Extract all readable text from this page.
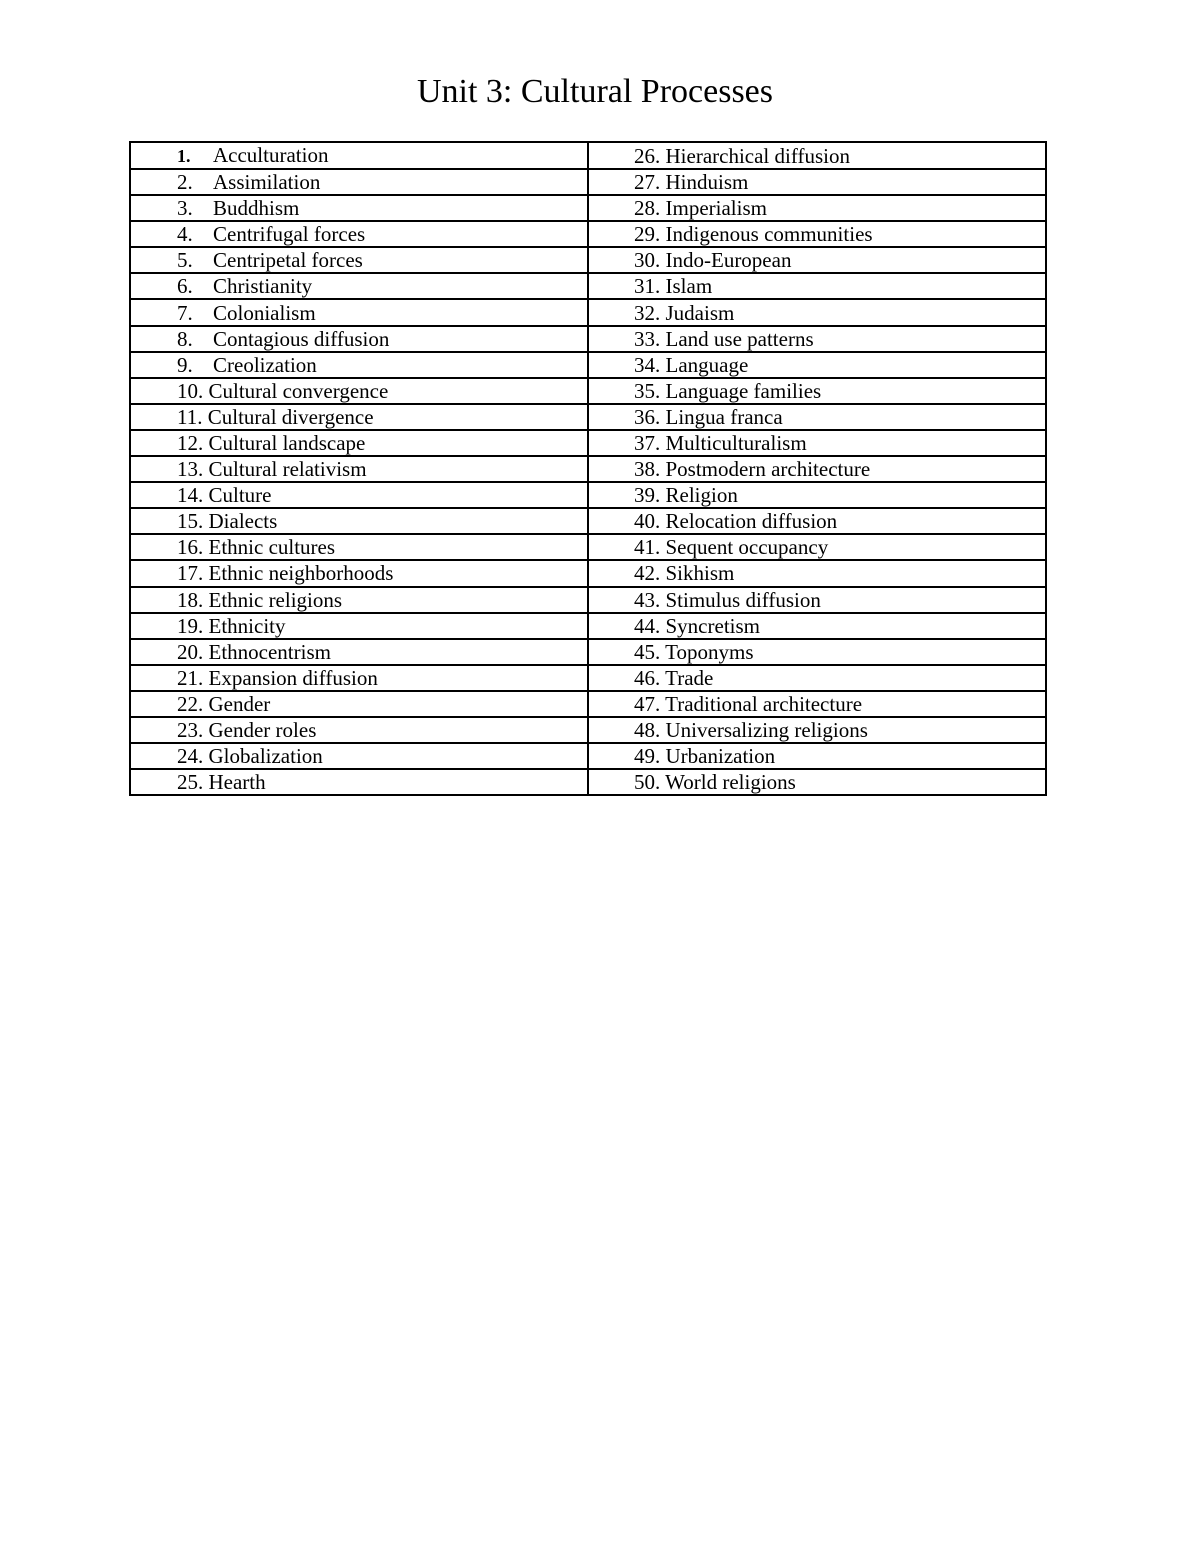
Unit 3: Cultural Processes
1. Acculturation	26. Hierarchical diffusion
2. Assimilation	27. Hinduism
3. Buddhism	28. Imperialism
4. Centrifugal forces	29. Indigenous communities
5. Centripetal forces	30. Indo-European
6. Christianity	31. Islam
7. Colonialism	32. Judaism
8. Contagious diffusion	33. Land use patterns
9. Creolization	34. Language
10. Cultural convergence	35. Language families
11. Cultural divergence	36. Lingua franca
12. Cultural landscape	37. Multiculturalism
13. Cultural relativism	38. Postmodern architecture
14. Culture	39. Religion
15. Dialects	40. Relocation diffusion
16. Ethnic cultures	41. Sequent occupancy
17. Ethnic neighborhoods	42. Sikhism
18. Ethnic religions	43. Stimulus diffusion
19. Ethnicity	44. Syncretism
20. Ethnocentrism	45. Toponyms
21. Expansion diffusion	46. Trade
22. Gender	47. Traditional architecture
23. Gender roles	48. Universalizing religions
24. Globalization	49. Urbanization
25. Hearth	50. World religions
